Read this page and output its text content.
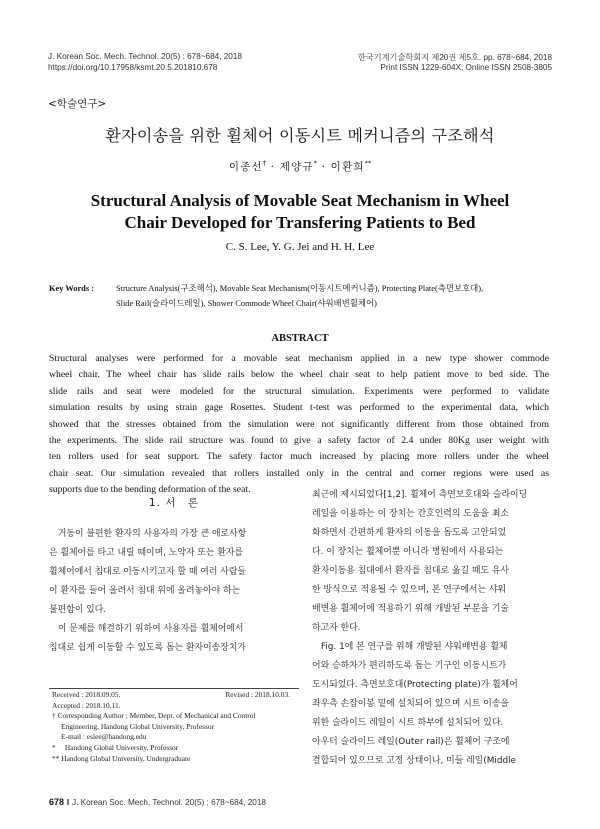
J. Korean Soc. Mech. Technol. 20(5) : 678~684, 2018	한국기계기술학회지 제20권 제5호. pp. 678~684, 2018
https://doi.org/10.17958/ksmt.20.5.201810.678	Print ISSN 1229-604X, Online ISSN 2508-3805
<학술연구>
환자이송을 위한 휠체어 이동시트 메커니즘의 구조해석
이종선† · 제양규* · 이환희**
Structural Analysis of Movable Seat Mechanism in Wheel
Chair Developed for Transfering Patients to Bed
C. S. Lee, Y. G. Jei and H. H. Lee
Key Words :	Structure Analysis(구조해석), Movable Seat Mechanism(이동시트메커니즘), Protecting Plate(측면보호대),
Slide Rail(슬라이드레일), Shower Commode Wheel Chair(샤워배변휠체어)
ABSTRACT
Structural analyses were performed for a movable seat mechanism applied in a new type shower commode
wheel chair. The wheel chair has slide rails below the wheel chair seat to help patient move to bed side. The
slide rails and seat were modeled for the structural simulation. Experiments were performed to validate
simulation results by using strain gage Rosettes. Student t-test was performed to the experimental data, which
showed that the stresses obtained from the simulation were not significantly different from those obtained from
the experiments. The slide rail structure was found to give a safety factor of 2.4 under 80Kg user weight with
ten rollers used for seat support. The safety factor much increased by placing more rollers under the wheel
chair seat. Our simulation revealed that rollers installed only in the central and corner regions were used as
supports due to the bending deformation of the seat.
1. 서　론
　거동이 불편한 환자의 사용자의 가장 큰 애로사항
은 휠체어를 타고 내릴 때이며, 노약자 또는 환자를
휠체어에서 침대로 이동시키고자 할 때 여러 사람들
이 환자를 들어 올려서 침대 위에 올려놓아야 하는
불편함이 있다.
　이 문제를 해결하기 위하여 사용자를 휠체어에서
침대로 쉽게 이동할 수 있도록 돕는 환자이송장치가
최근에 제시되었다[1,2]. 휠체어 측면보호대와 슬라이딩
레일을 이용하는 이 장치는 간호인력의 도움을 최소
화하면서 간편하게 환자의 이동을 돕도록 고안되었
다. 이 장치는 휠체어뿐 아니라 병원에서 사용되는
환자이동용 침대에서 환자를 침대로 옮길 때도 유사
한 방식으로 적용될 수 있으며, 본 연구에서는 샤워
배변용 휠체어에 적용하기 위해 개발된 부분을 기술
하고자 한다.
　Fig. 1에 본 연구를 위해 개발된 샤워배변용 휠체
어와 승하차가 편리하도록 돕는 기구인 이동시트가
도시되었다. 측면보호대(Protecting plate)가 휠체어
좌우측 손잡이봉 밑에 설치되어 있으며 시트 이송을
위한 슬라이드 레일이 시트 하부에 설치되어 있다.
아우터 슬라이드 레일(Outer rail)은 휠체어 구조에
결합되어 있으므로 고정 상태이나, 미들 레일(Middle
Received : 2018.09.05.	Revised : 2018.10.03.
Accepted : 2018.10.11.
† Corresponding Author ; Member, Dept. of Mechanical and Control
Engineering, Handong Global University, Professor
E-mail : eslee@handong.edu
* 　Handong Global University, Professor
** Handong Global University, Undergraduate
678 ‖ J. Korean Soc. Mech. Technol. 20(5) : 678~684, 2018
